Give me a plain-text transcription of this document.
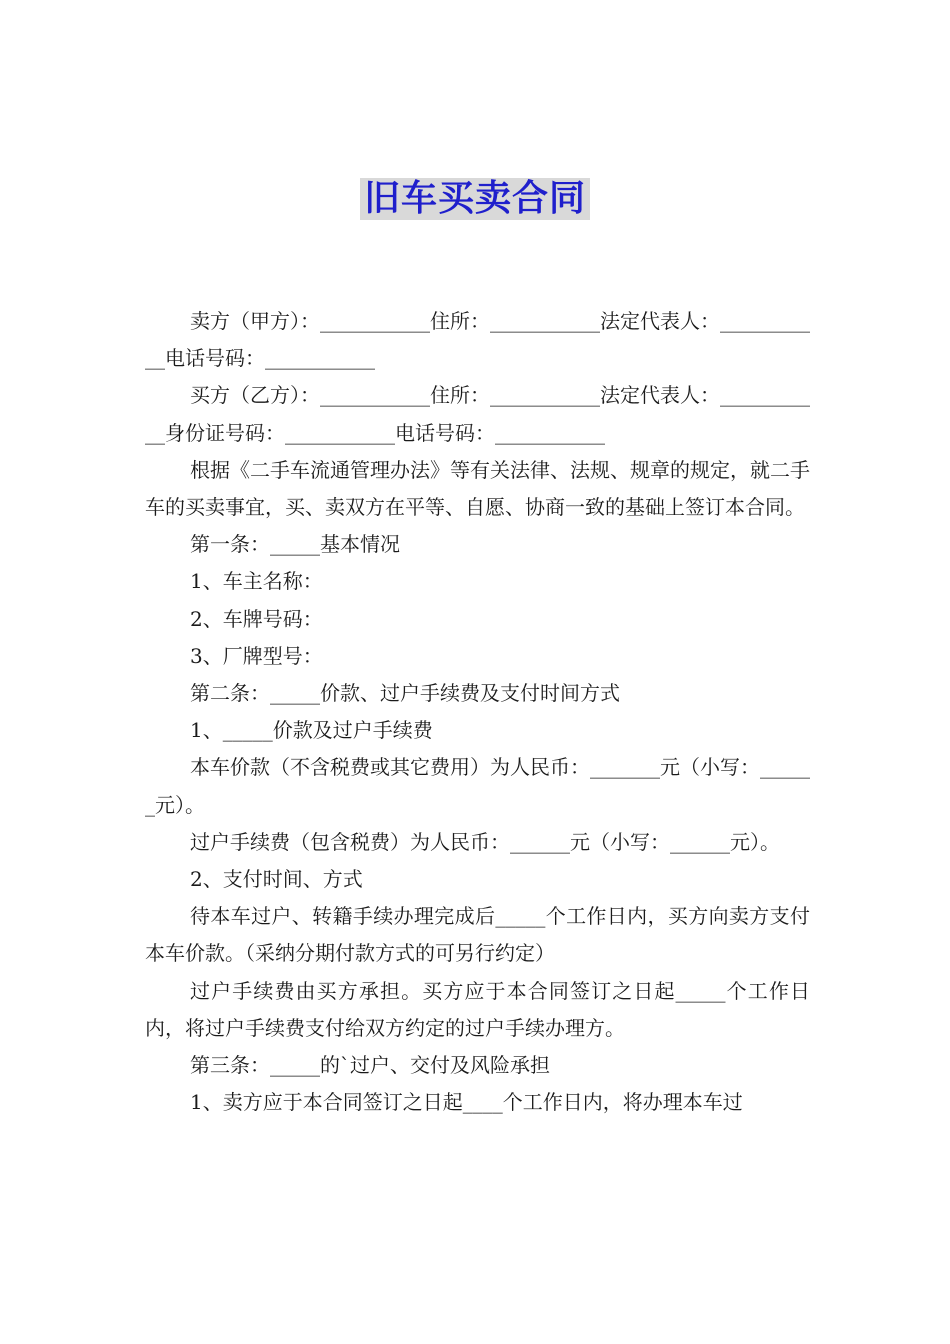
旧车买卖合同

卖方（甲方）：___________住所：___________法定代表人：___________电话号码：___________

买方（乙方）：___________住所：___________法定代表人：___________身份证号码：___________电话号码：___________

根据《二手车流通管理办法》等有关法律、法规、规章的规定，就二手车的买卖事宜，买、卖双方在平等、自愿、协商一致的基础上签订本合同。

第一条：_____基本情况

1、车主名称：

2、车牌号码：

3、厂牌型号：

第二条：_____价款、过户手续费及支付时间方式

1、_____价款及过户手续费

本车价款（不含税费或其它费用）为人民币：_______元（小写：______元）。

过户手续费（包含税费）为人民币：______元（小写：______元）。

2、支付时间、方式

待本车过户、转籍手续办理完成后_____个工作日内，买方向卖方支付本车价款。（采纳分期付款方式的可另行约定）

过户手续费由买方承担。买方应于本合同签订之日起_____个工作日内，将过户手续费支付给双方约定的过户手续办理方。

第三条：_____的`过户、交付及风险承担

1、卖方应于本合同签订之日起____个工作日内，将办理本车过
